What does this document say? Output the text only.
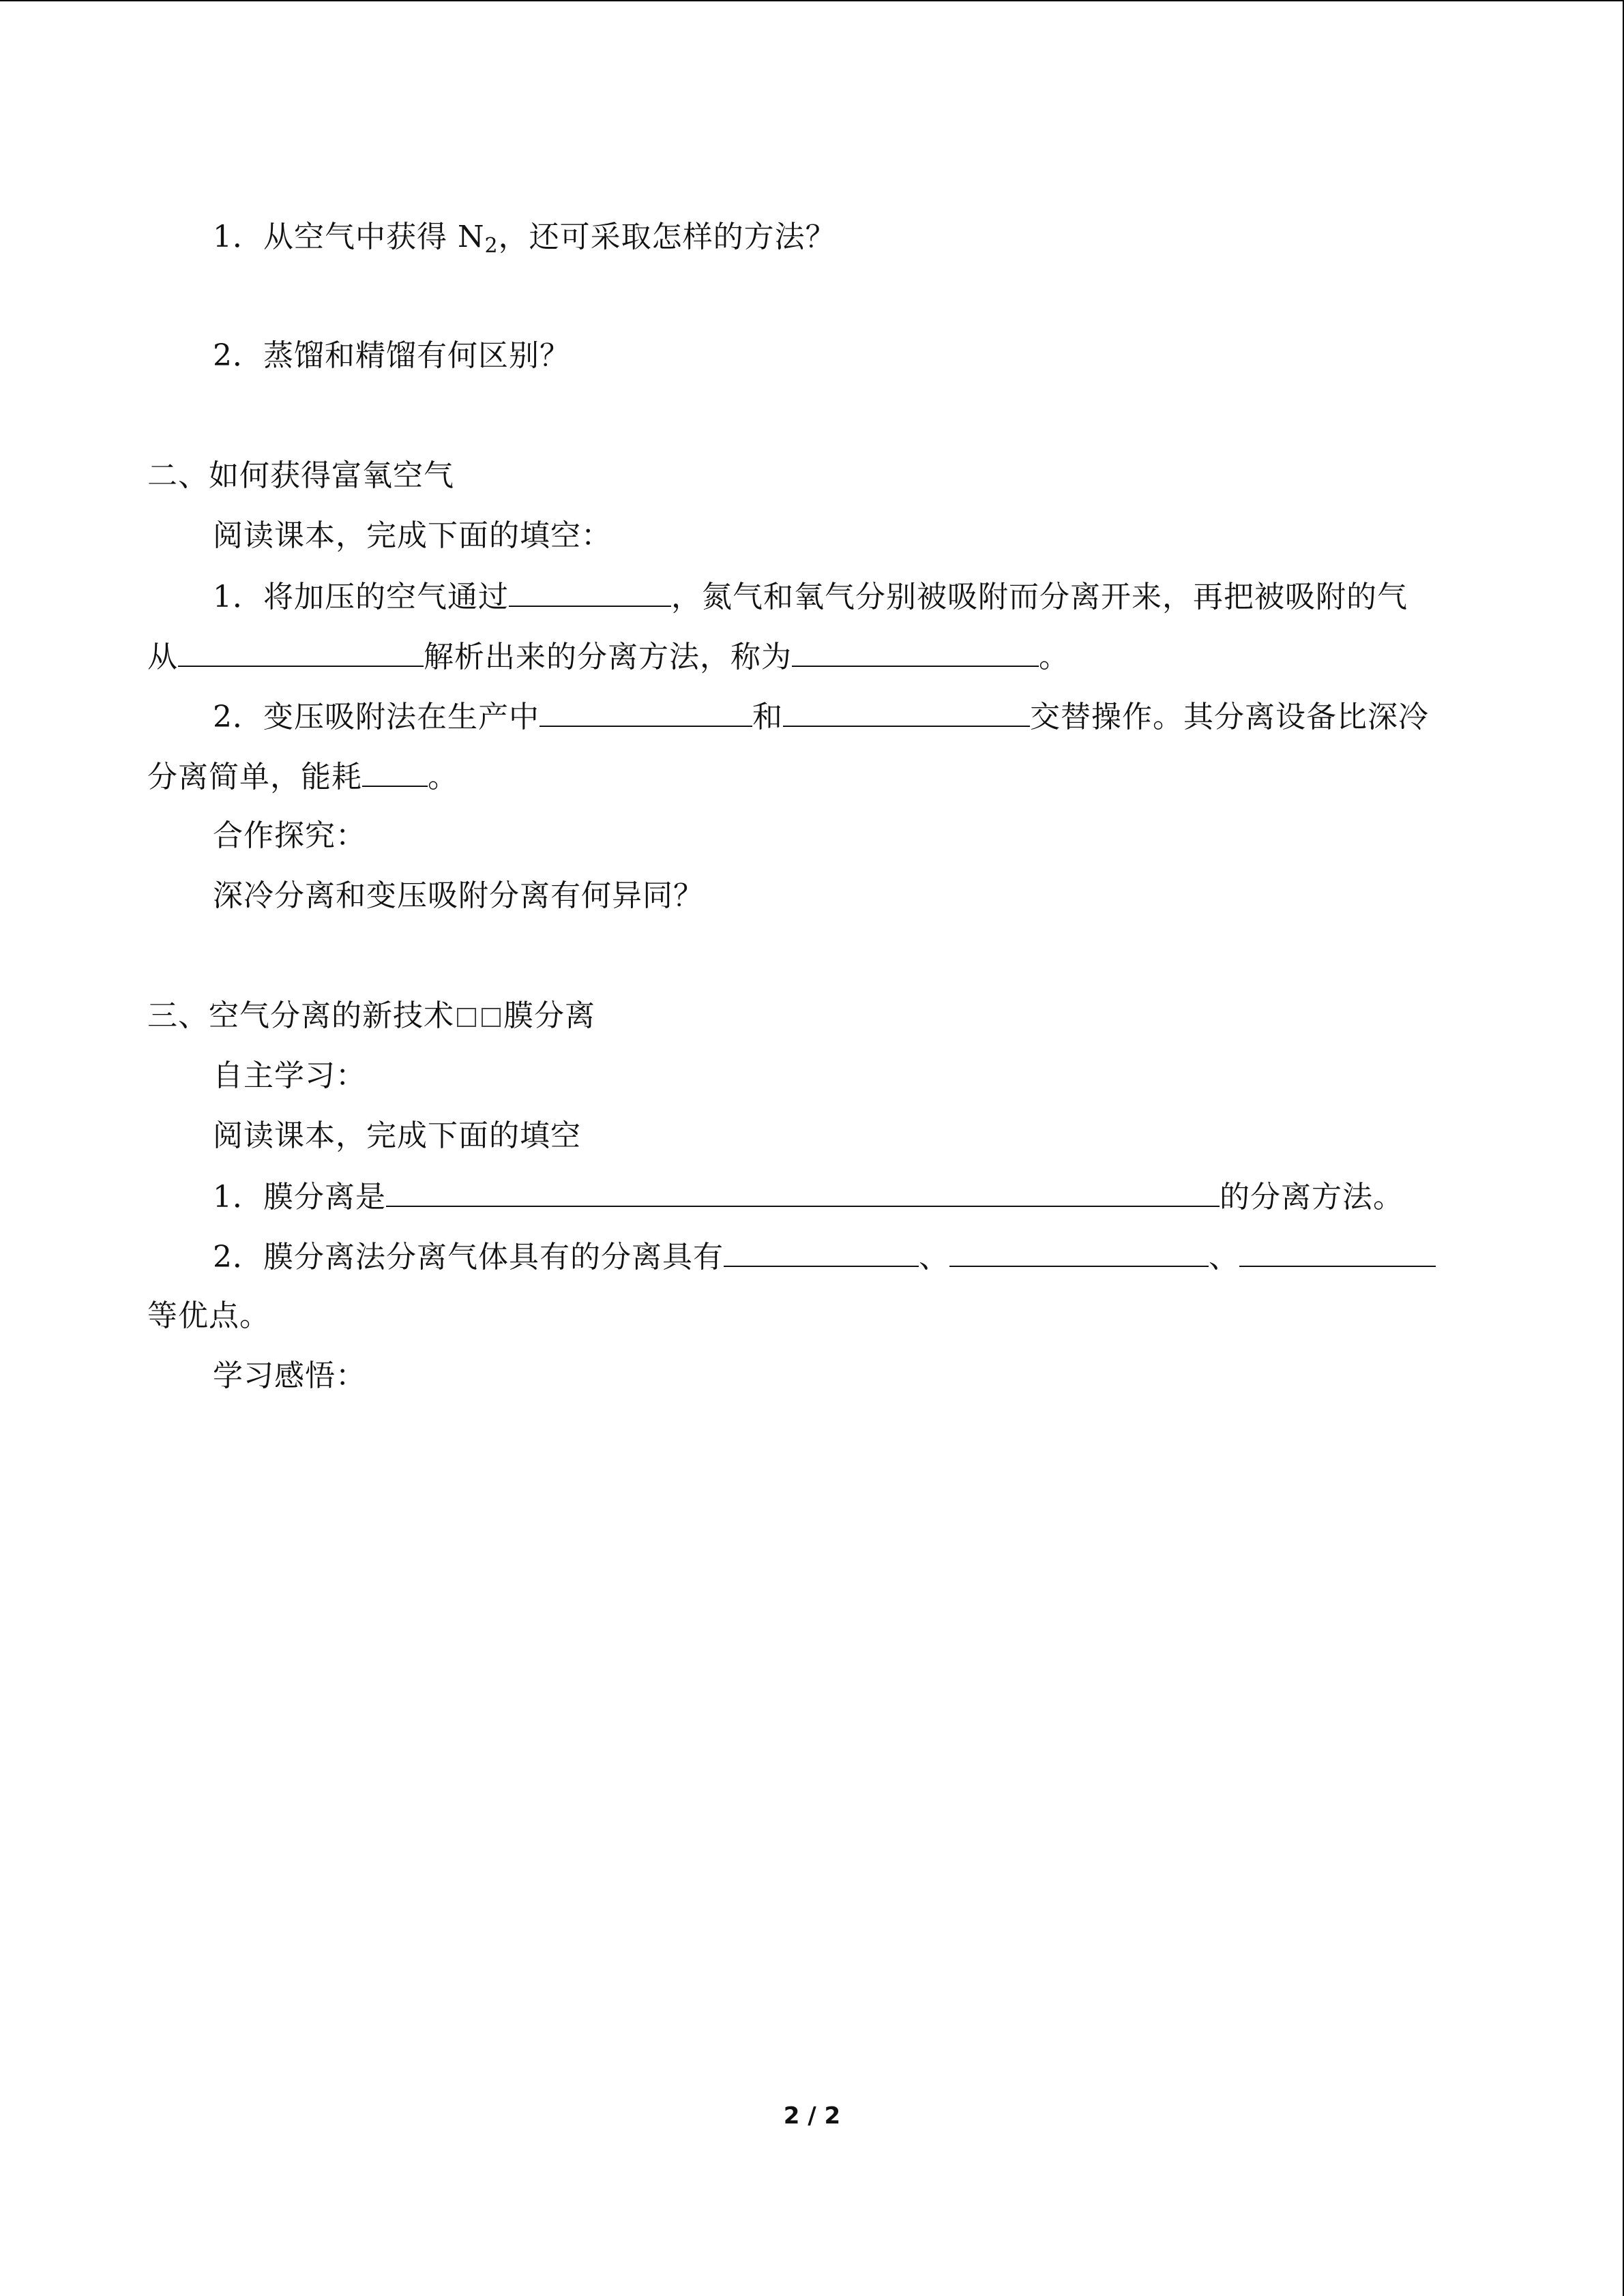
1．从空气中获得 $N_2$，还可采取怎样的方法？
2．蒸馏和精馏有何区别？
二、如何获得富氧空气
阅读课本，完成下面的填空：
1．将加压的空气通过	，氮气和氧气分别被吸附而分离开来，再把被吸附的气
从	解析出来的分离方法，称为	。
2．变压吸附法在生产中	和	交替操作。其分离设备比深冷
分离简单，能耗 。
合作探究：
深冷分离和变压吸附分离有何异同？
三、空气分离的新技术 膜分离
自主学习：
阅读课本，完成下面的填空
1．膜分离是	的分离方法。
2．膜分离法分离气体具有的分离具有	、	、
等优点。
学习感悟：
2 / 2
